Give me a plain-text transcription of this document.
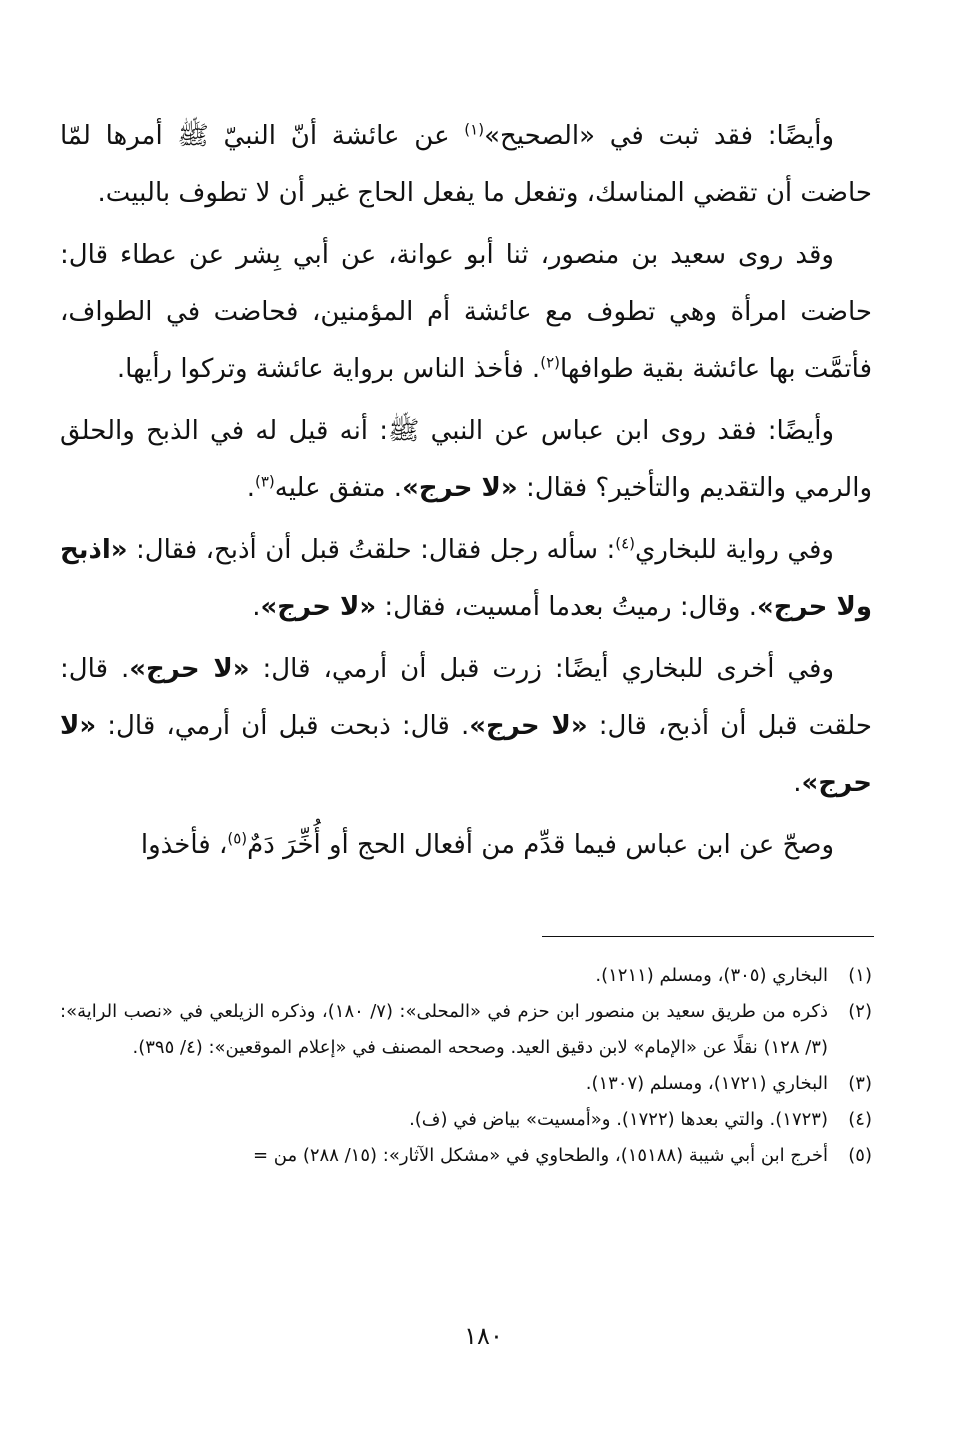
وأيضًا: فقد ثبت في «الصحيح»$^{(١)}$ عن عائشة أنّ النبيّ ﷺ أمرها لمّا حاضت أن تقضي المناسك، وتفعل ما يفعل الحاج غير أن لا تطوف بالبيت.

وقد روى سعيد بن منصور، ثنا أبو عوانة، عن أبي بِشر عن عطاء قال: حاضت امرأة وهي تطوف مع عائشة أم المؤمنين، فحاضت في الطواف، فأتمَّت بها عائشة بقية طوافها$^{(٢)}$. فأخذ الناس برواية عائشة وتركوا رأيها.

وأيضًا: فقد روى ابن عباس عن النبي ﷺ: أنه قيل له في الذبح والحلق والرمي والتقديم والتأخير؟ فقال: «لا حرج». متفق عليه$^{(٣)}$.

وفي رواية للبخاري$^{(٤)}$: سأله رجل فقال: حلقتُ قبل أن أذبح، فقال: «اذبح ولا حرج». وقال: رميتُ بعدما أمسيت، فقال: «لا حرج».

وفي أخرى للبخاري أيضًا: زرت قبل أن أرمي، قال: «لا حرج». قال: حلقت قبل أن أذبح، قال: «لا حرج». قال: ذبحت قبل أن أرمي، قال: «لا حرج».

وصحّ عن ابن عباس فيما قدِّم من أفعال الحج أو أُخِّرَ دَمٌ$^{(٥)}$، فأخذوا

(١)
البخاري (٣٠٥)، ومسلم (١٢١١).
(٢)
ذكره من طريق سعيد بن منصور ابن حزم في «المحلى»: (٧/ ١٨٠)، وذكره الزيلعي في «نصب الراية»: (٣/ ١٢٨) نقلًا عن «الإمام» لابن دقيق العيد. وصححه المصنف في «إعلام الموقعين»: (٤/ ٣٩٥).
(٣)
البخاري (١٧٢١)، ومسلم (١٣٠٧).
(٤)
(١٧٢٣). والتي بعدها (١٧٢٢). و«أمسيت» بياض في (ف).
(٥)
أخرج ابن أبي شيبة (١٥١٨٨)، والطحاوي في «مشكل الآثار»: (١٥/ ٢٨٨) من =
١٨٠
